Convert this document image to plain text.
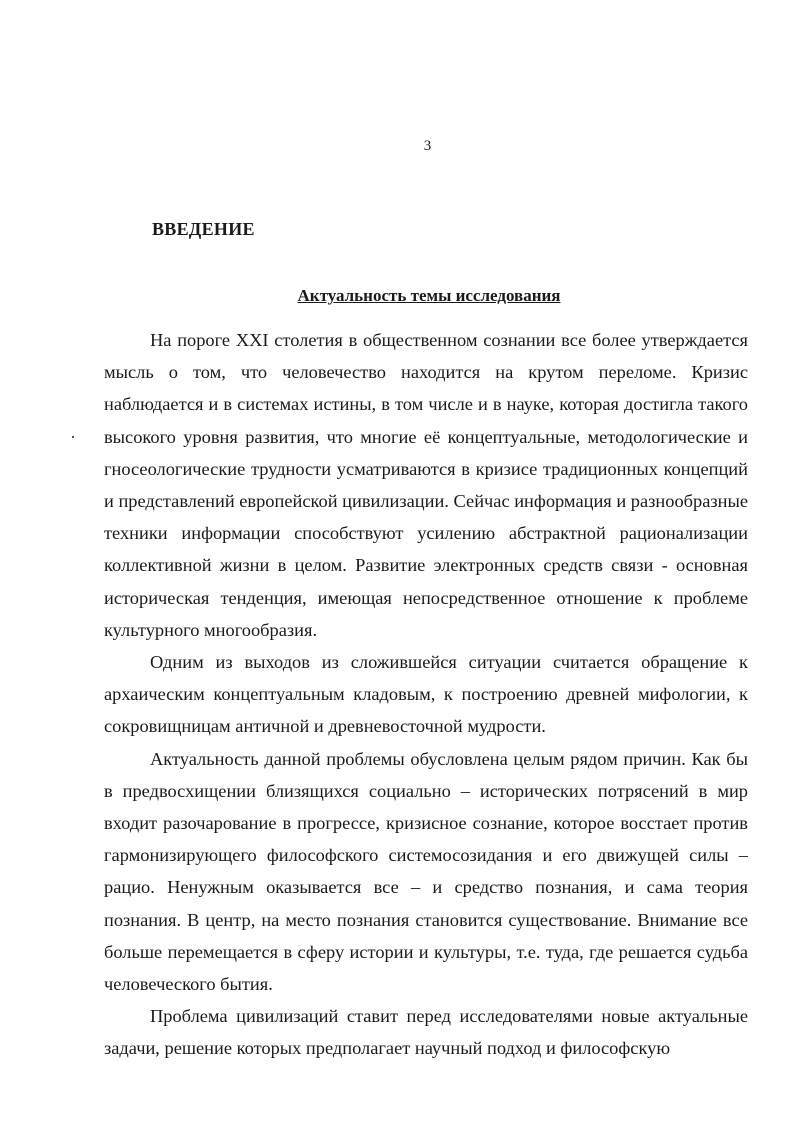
3
ВВЕДЕНИЕ
Актуальность темы исследования

На пороге XXI столетия в общественном сознании все более утверждается мысль о том, что человечество находится на крутом переломе. Кризис наблюдается и в системах истины, в том числе и в науке, которая достигла такого высокого уровня развития, что многие её концептуальные, методологические и гносеологические трудности усматриваются в кризисе традиционных концепций и представлений европейской цивилизации. Сейчас информация и разнообразные техники информации способствуют усилению абстрактной рационализации коллективной жизни в целом. Развитие электронных средств связи - основная историческая тенденция, имеющая непосредственное отношение к проблеме культурного многообразия.

Одним из выходов из сложившейся ситуации считается обращение к архаическим концептуальным кладовым, к построению древней мифологии, к сокровищницам античной и древневосточной мудрости.

Актуальность данной проблемы обусловлена целым рядом причин. Как бы в предвосхищении близящихся социально – исторических потрясений в мир входит разочарование в прогрессе, кризисное сознание, которое восстает против гармонизирующего философского системосозидания и его движущей силы – рацио. Ненужным оказывается все – и средство познания, и сама теория познания. В центр, на место познания становится существование. Внимание все больше перемещается в сферу истории и культуры, т.е. туда, где решается судьба человеческого бытия.

Проблема цивилизаций ставит перед исследователями новые актуальные задачи, решение которых предполагает научный подход и философскую
